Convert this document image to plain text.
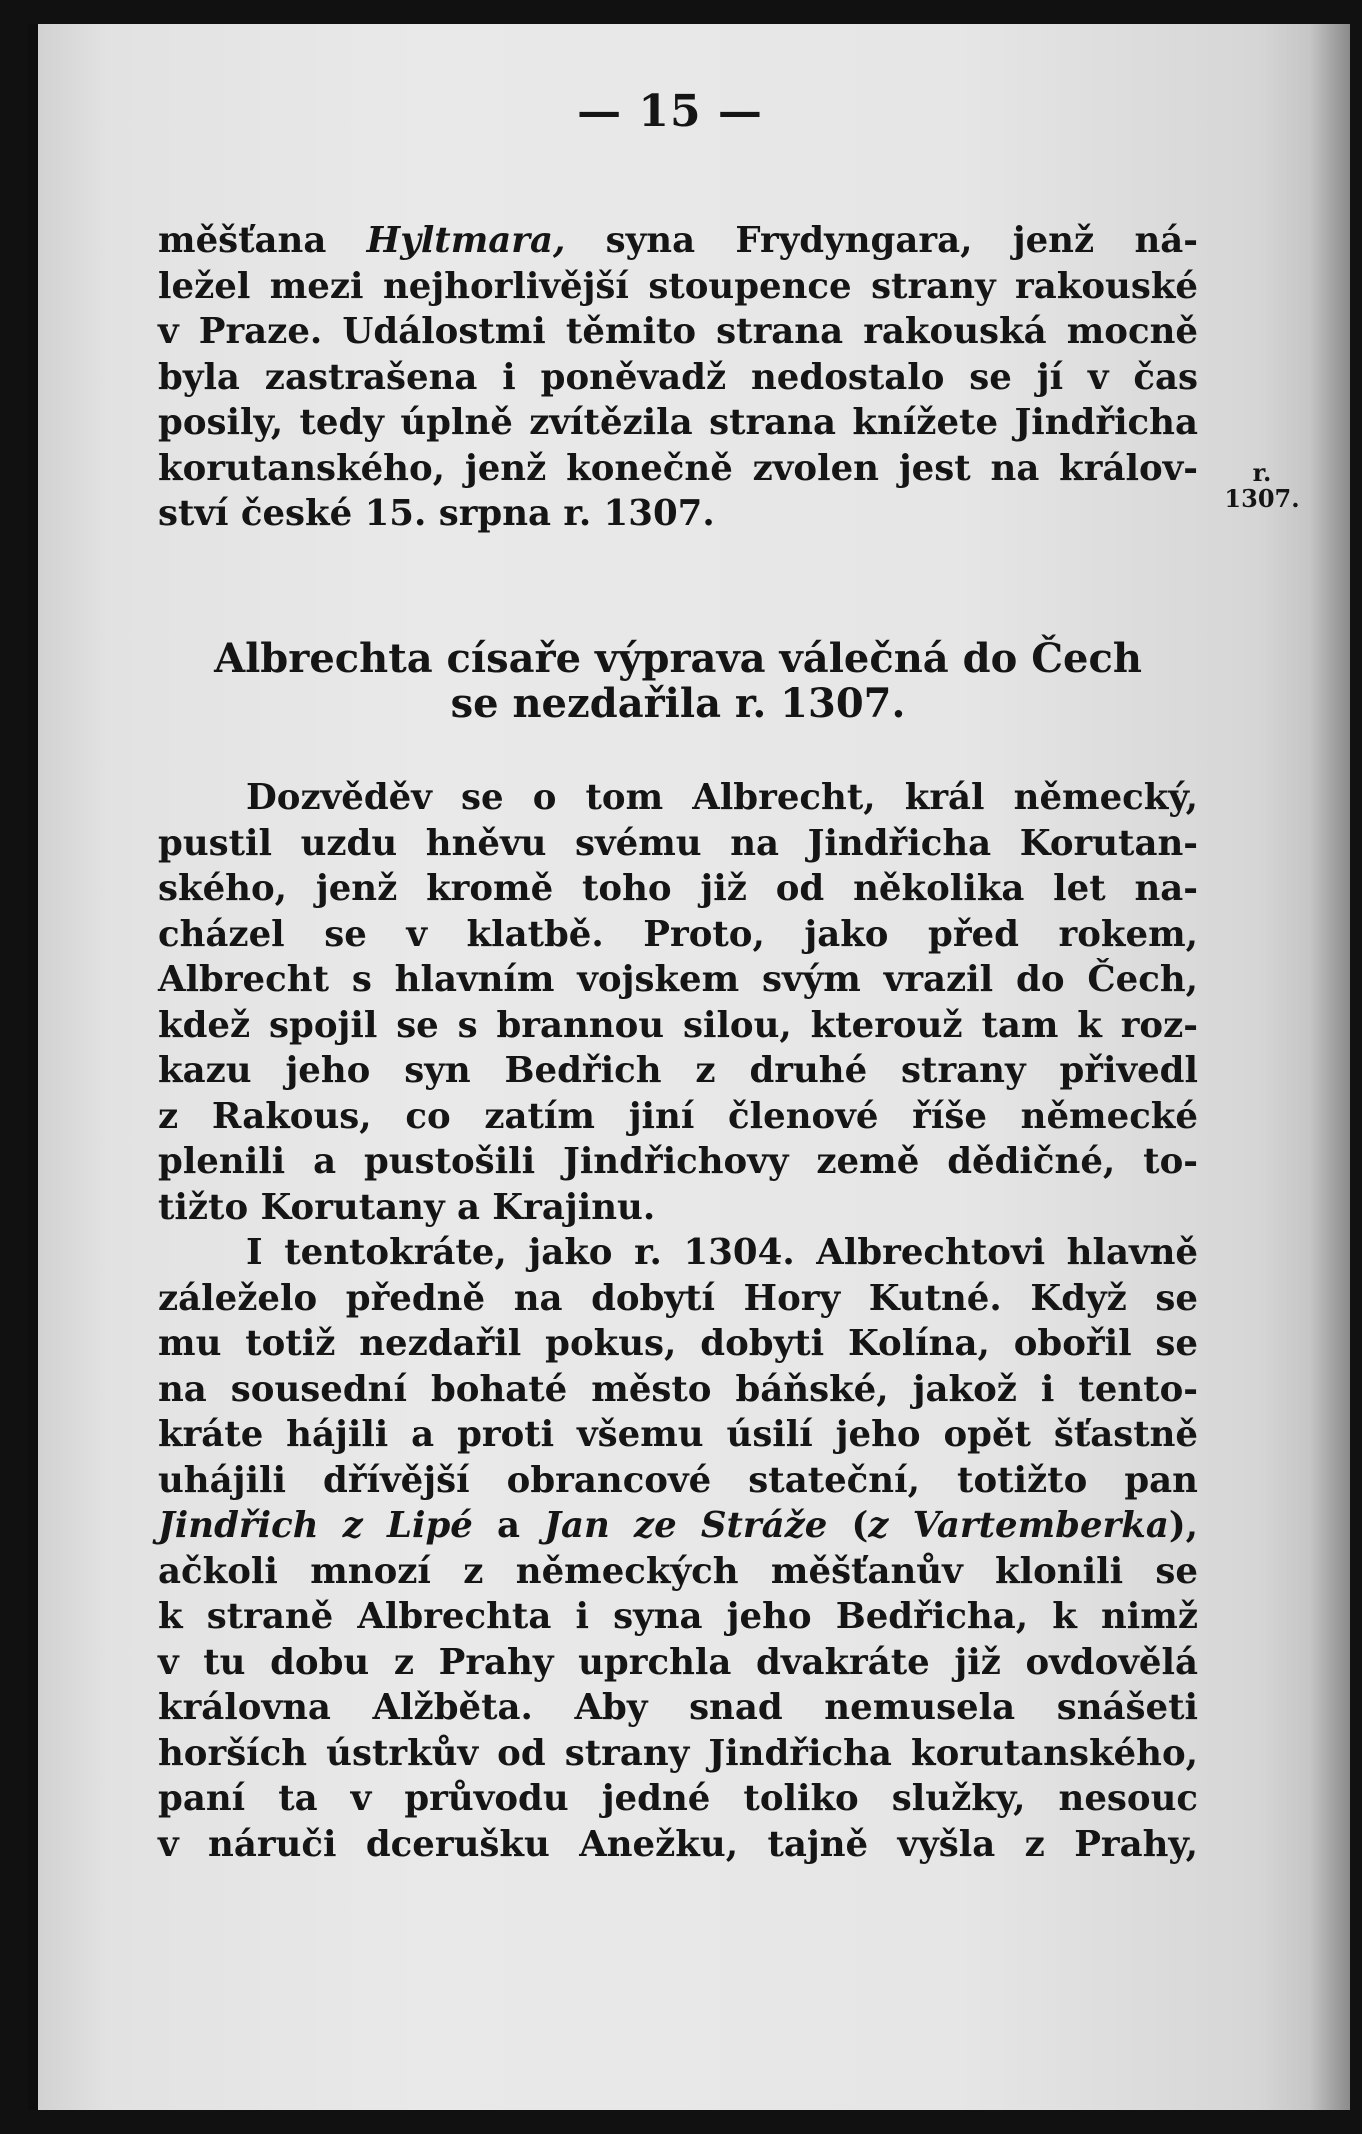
— 15 —
měšťana Hyltmara, syna Frydyngara, jenž ná-
ležel mezi nejhorlivější stoupence strany rakouské
v Praze. Událostmi těmito strana rakouská mocně
byla zastrašena i poněvadž nedostalo se jí v čas
posily, tedy úplně zvítězila strana knížete Jindřicha
korutanského, jenž konečně zvolen jest na králov-
ství české 15. srpna r. 1307.
r.
1307.
Albrechta císaře výprava válečná do Čech
se nezdařila r. 1307.
Dozvěděv se o tom Albrecht, král německý,
pustil uzdu hněvu svému na Jindřicha Korutan-
ského, jenž kromě toho již od několika let na-
cházel se v klatbě. Proto, jako před rokem,
Albrecht s hlavním vojskem svým vrazil do Čech,
kdež spojil se s brannou silou, kterouž tam k roz-
kazu jeho syn Bedřich z druhé strany přivedl
z Rakous, co zatím jiní členové říše německé
plenili a pustošili Jindřichovy země dědičné, to-
tižto Korutany a Krajinu.
I tentokráte, jako r. 1304. Albrechtovi hlavně
záleželo předně na dobytí Hory Kutné. Když se
mu totiž nezdařil pokus, dobyti Kolína, obořil se
na sousední bohaté město báňské, jakož i tento-
kráte hájili a proti všemu úsilí jeho opět šťastně
uhájili dřívější obrancové stateční, totižto pan
Jindřich z Lipé a Jan ze Stráže (z Vartemberka),
ačkoli mnozí z německých měšťanův klonili se
k straně Albrechta i syna jeho Bedřicha, k nimž
v tu dobu z Prahy uprchla dvakráte již ovdovělá
královna Alžběta. Aby snad nemusela snášeti
horších ústrkův od strany Jindřicha korutanského,
paní ta v průvodu jedné toliko služky, nesouc
v náruči dcerušku Anežku, tajně vyšla z Prahy,
